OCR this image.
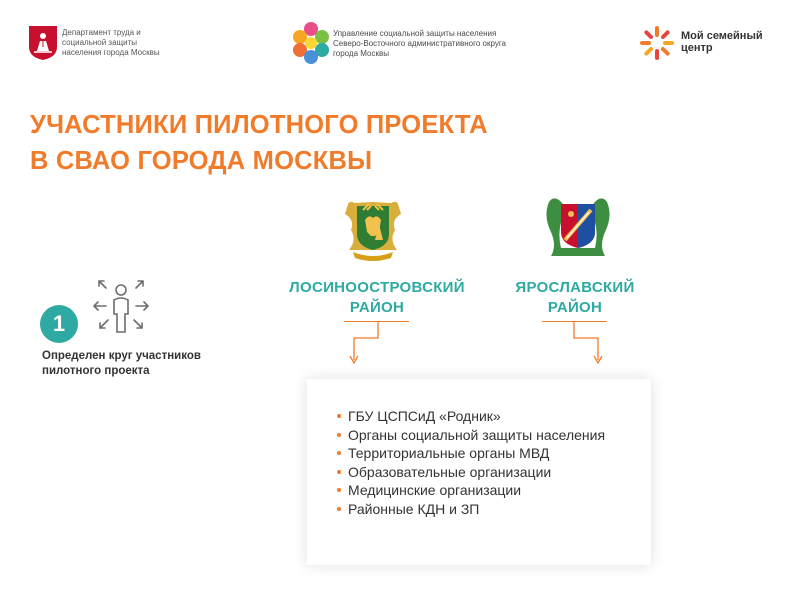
Департамент труда и социальной защиты населения города Москвы
Управление социальной защиты населения Северо-Восточного административного округа города Москвы
Мой семейный центр
УЧАСТНИКИ ПИЛОТНОГО ПРОЕКТА
В СВАО ГОРОДА МОСКВЫ
ЛОСИНООСТРОВСКИЙ
РАЙОН
ЯРОСЛАВСКИЙ
РАЙОН
1
Определен круг участников пилотного проекта
ГБУ ЦСПСиД «Родник»
Органы социальной защиты населения
Территориальные органы МВД
Образовательные организации
Медицинские организации
Районные КДН и ЗП
